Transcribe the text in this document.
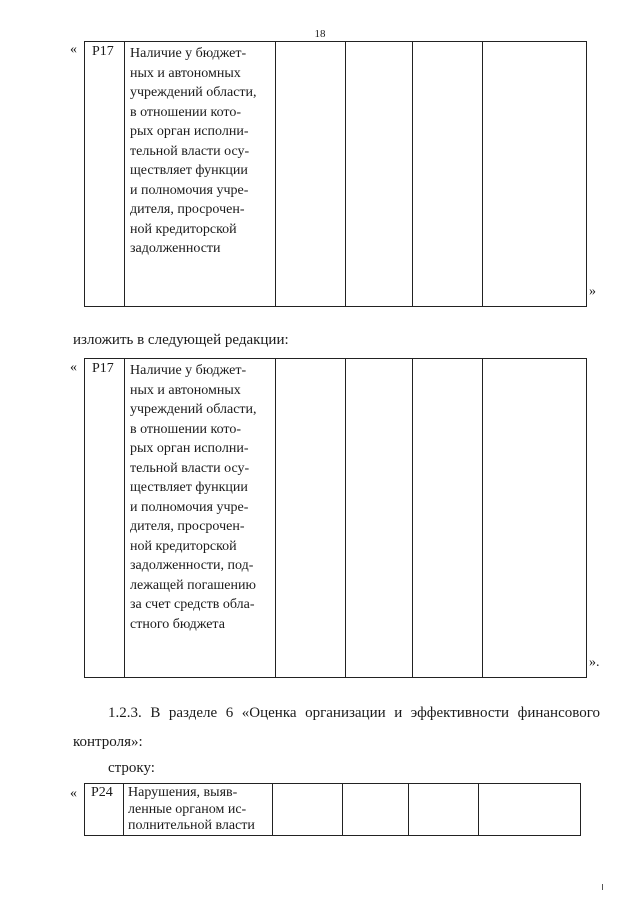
18
« P17 Наличие у бюджет-
ных и автономных
учреждений области,
в отношении кото-
рых орган исполни-
тельной власти осу-
ществляет функции
и полномочия учре-
дителя, просрочен-
ной кредиторской
задолженности
»
изложить в следующей редакции:
« P17 Наличие у бюджет-
ных и автономных
учреждений области,
в отношении кото-
рых орган исполни-
тельной власти осу-
ществляет функции
и полномочия учре-
дителя, просрочен-
ной кредиторской
задолженности, под-
лежащей погашению
за счет средств обла-
стного бюджета
».
1.2.3. В разделе 6 «Оценка организации и эффективности финансового
контроля»:
строку:
« P24 Нарушения, выяв-
ленные органом ис-
полнительной власти
